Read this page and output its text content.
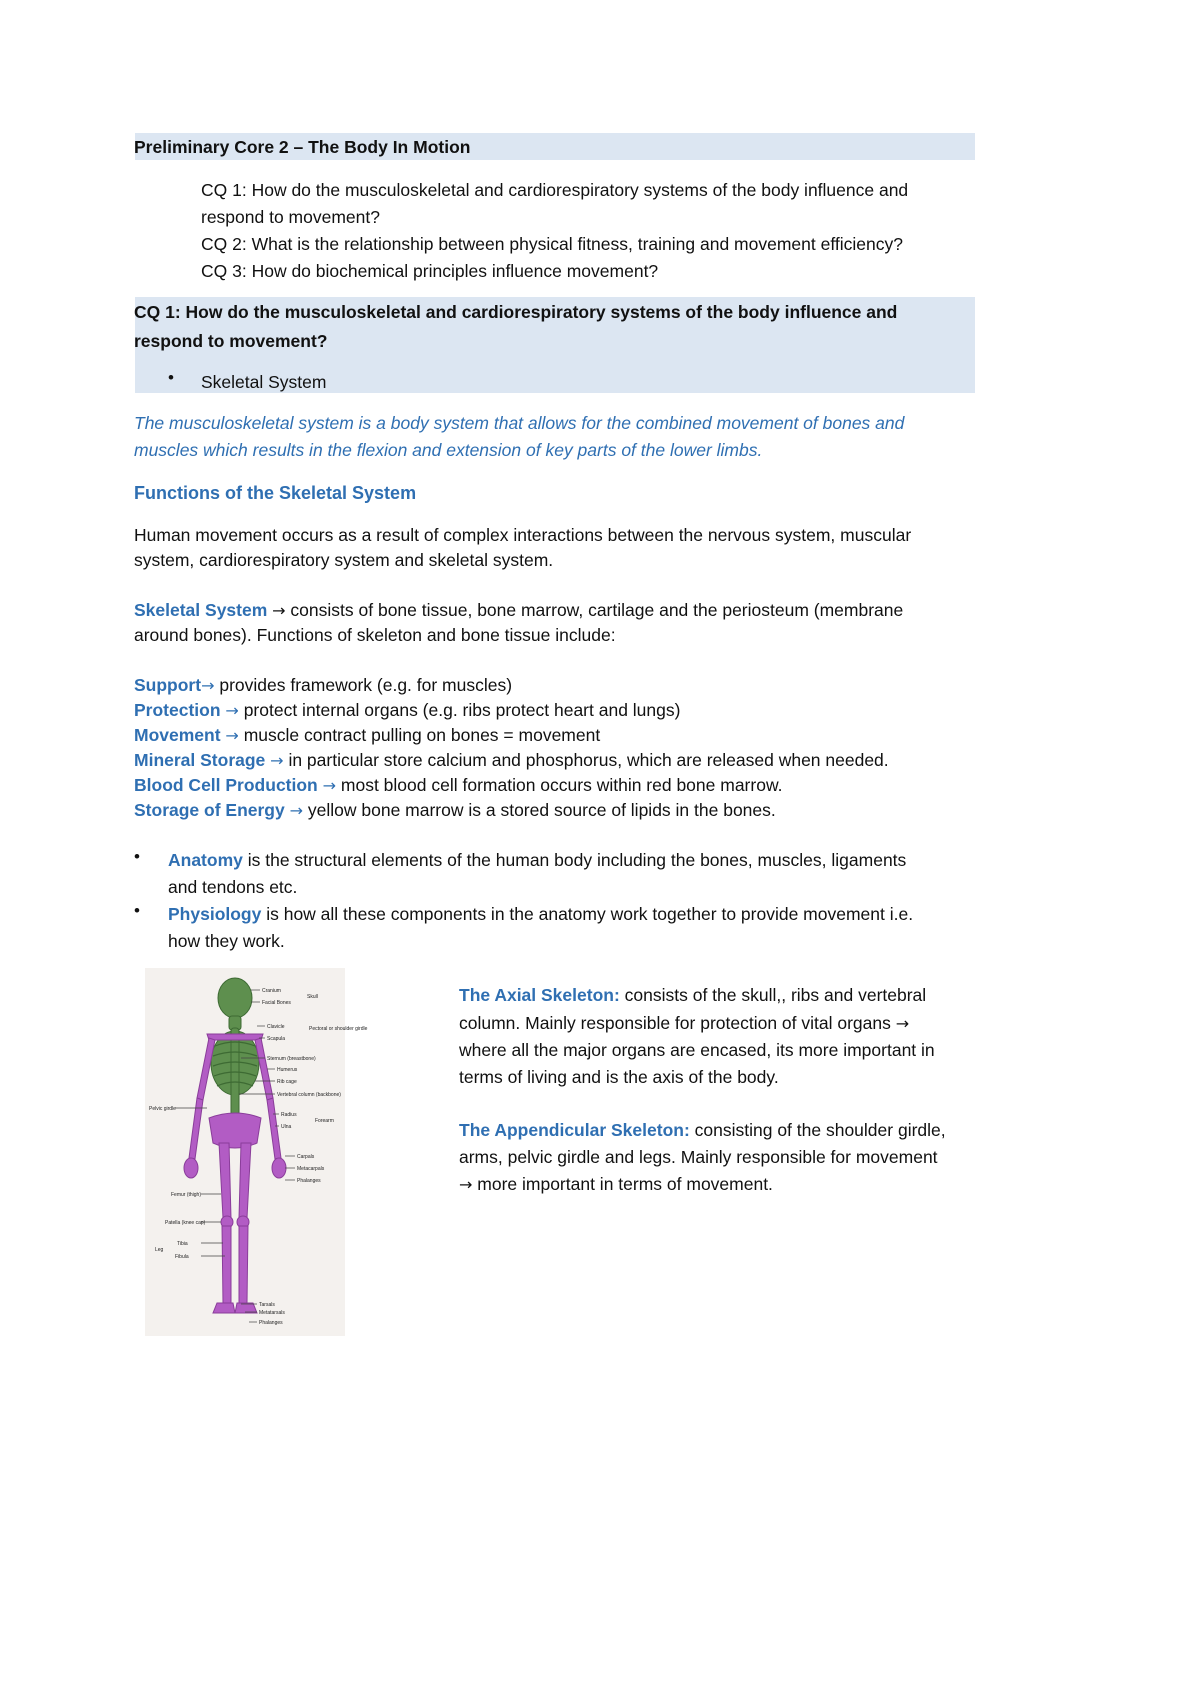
Preliminary Core 2 – The Body In Motion
CQ 1: How do the musculoskeletal and cardiorespiratory systems of the body influence and
respond to movement?
CQ 2: What is the relationship between physical fitness, training and movement efficiency?
CQ 3: How do biochemical principles influence movement?
CQ 1: How do the musculoskeletal and cardiorespiratory systems of the body influence and
respond to movement?
• Skeletal System
The musculoskeletal system is a body system that allows for the combined movement of bones and
muscles which results in the flexion and extension of key parts of the lower limbs.
Functions of the Skeletal System
Human movement occurs as a result of complex interactions between the nervous system, muscular
system, cardiorespiratory system and skeletal system.
Skeletal System → consists of bone tissue, bone marrow, cartilage and the periosteum (membrane
around bones). Functions of skeleton and bone tissue include:
Support→ provides framework (e.g. for muscles)
Protection → protect internal organs (e.g. ribs protect heart and lungs)
Movement → muscle contract pulling on bones = movement
Mineral Storage → in particular store calcium and phosphorus, which are released when needed.
Blood Cell Production → most blood cell formation occurs within red bone marrow.
Storage of Energy → yellow bone marrow is a stored source of lipids in the bones.
• Anatomy is the structural elements of the human body including the bones, muscles, ligaments
and tendons etc.
• Physiology is how all these components in the anatomy work together to provide movement i.e.
how they work.
Cranium
Facial Bones
Clavicle
Scapula
Sternum (breastbone)
Humerus
Rib cage
Vertebral column (backbone)
Radius
Ulna
Carpals
Metacarpals
Phalanges
Tarsals
Metatarsals
Phalanges
Skull
Pectoral or shoulder girdle
Forearm
Pelvic girdle
Femur (thigh)
Patella (knee cap)
Tibia
Fibula
Leg
The Axial Skeleton: consists of the skull,, ribs and vertebral
column. Mainly responsible for protection of vital organs →
where all the major organs are encased, its more important in
terms of living and is the axis of the body.
The Appendicular Skeleton: consisting of the shoulder girdle,
arms, pelvic girdle and legs. Mainly responsible for movement
→ more important in terms of movement.
